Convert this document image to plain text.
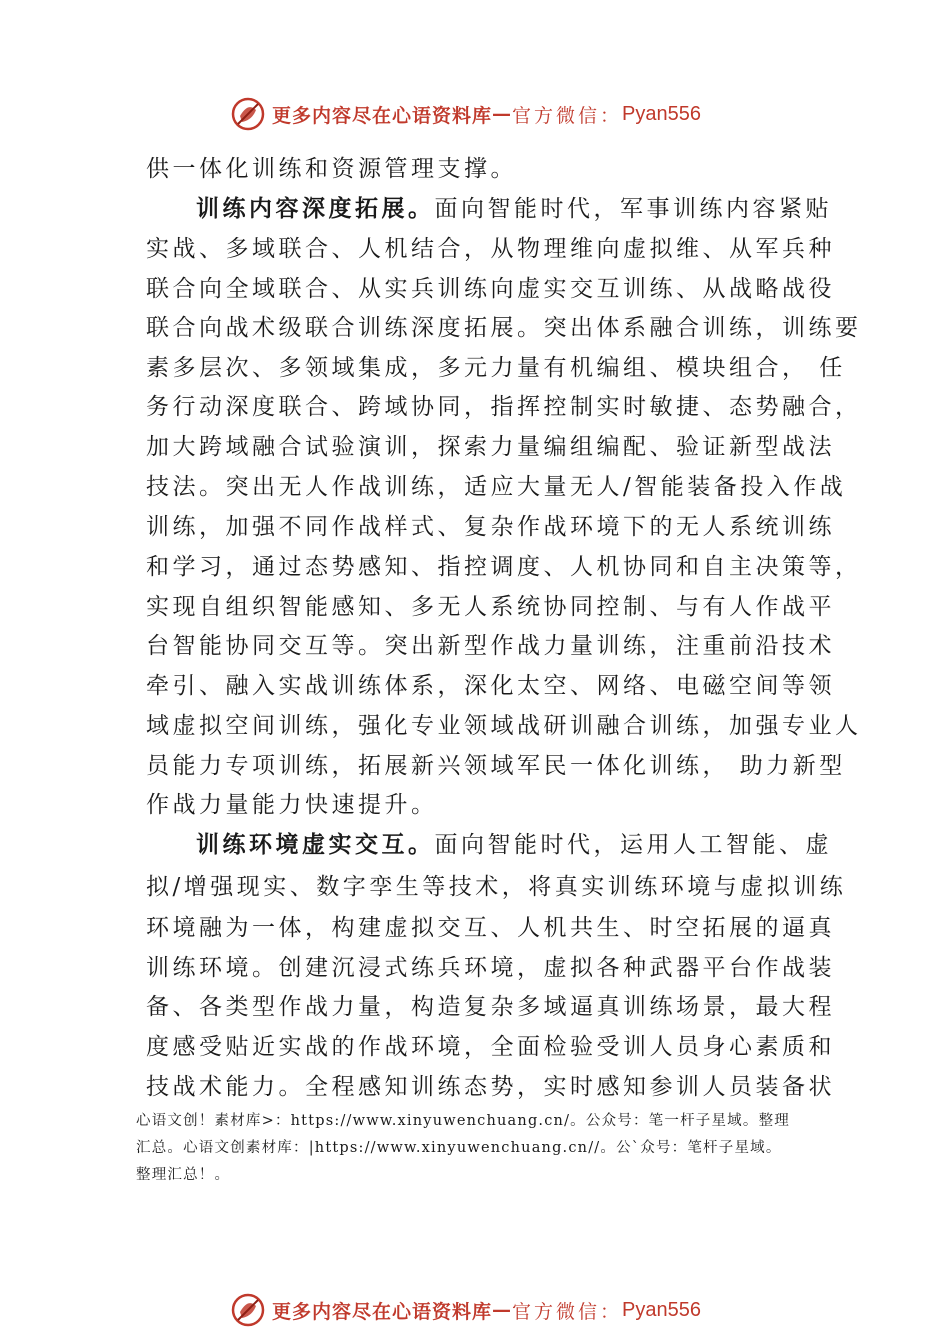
更多内容尽在心语资料库 — 官方微信： Pyan556
供一体化训练和资源管理支撑。
训练内容深度拓展。面向智能时代，军事训练内容紧贴
实战、多域联合、人机结合，从物理维向虚拟维、从军兵种
联合向全域联合、从实兵训练向虚实交互训练、从战略战役
联合向战术级联合训练深度拓展。突出体系融合训练，训练要
素多层次、多领域集成，多元力量有机编组、模块组合， 任
务行动深度联合、跨域协同，指挥控制实时敏捷、态势融合，
加大跨域融合试验演训，探索力量编组编配、验证新型战法
技法。突出无人作战训练，适应大量无人/智能装备投入作战
训练，加强不同作战样式、复杂作战环境下的无人系统训练
和学习，通过态势感知、指控调度、人机协同和自主决策等，
实现自组织智能感知、多无人系统协同控制、与有人作战平
台智能协同交互等。突出新型作战力量训练，注重前沿技术
牵引、融入实战训练体系，深化太空、网络、电磁空间等领
域虚拟空间训练，强化专业领域战研训融合训练，加强专业人
员能力专项训练，拓展新兴领域军民一体化训练， 助力新型
作战力量能力快速提升。
训练环境虚实交互。面向智能时代，运用人工智能、虚
拟/增强现实、数字孪生等技术，将真实训练环境与虚拟训练
环境融为一体，构建虚拟交互、人机共生、时空拓展的逼真
训练环境。创建沉浸式练兵环境，虚拟各种武器平台作战装
备、各类型作战力量，构造复杂多域逼真训练场景，最大程
度感受贴近实战的作战环境，全面检验受训人员身心素质和
技战术能力。全程感知训练态势，实时感知参训人员装备状
心语文创！素材库>：https://www.xinyuwenchuang.cn/。公众号：笔一杆子星域。整理
汇总。心语文创素材库：|https://www.xinyuwenchuang.cn//。公`众号：笔杆子星域。
整理汇总！。
更多内容尽在心语资料库 — 官方微信： Pyan556
